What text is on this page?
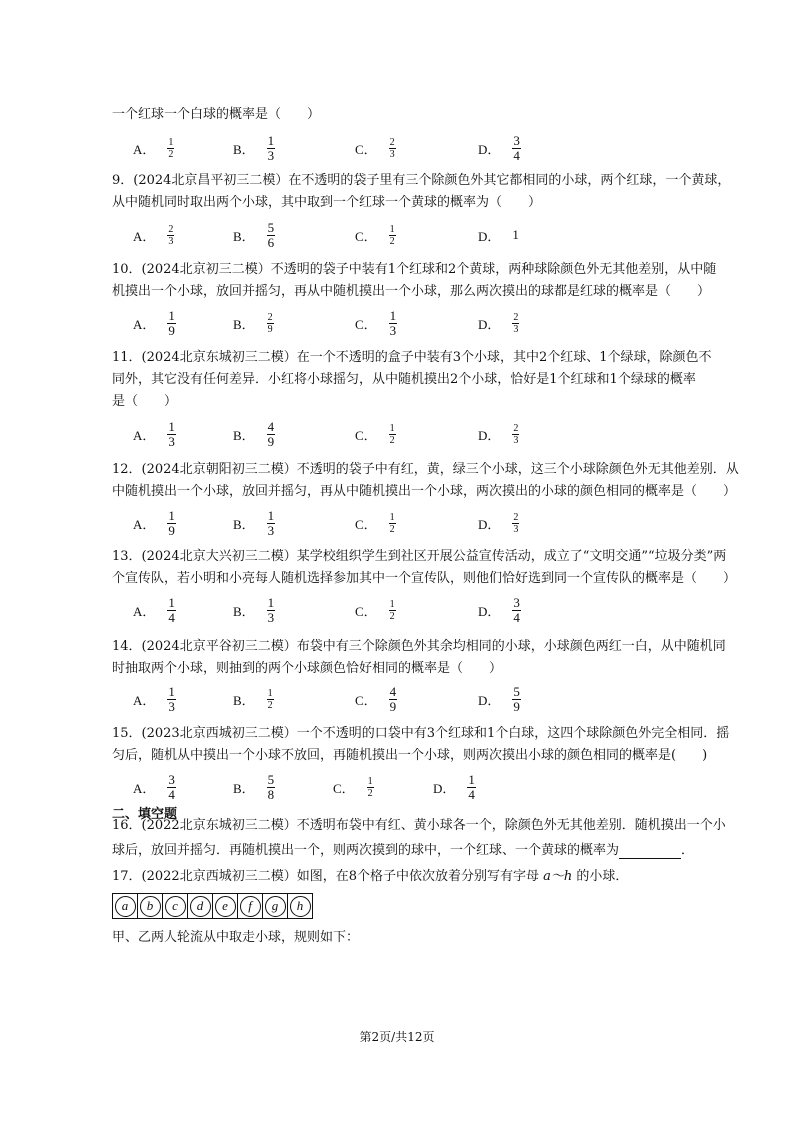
一个红球一个白球的概率是（　　）
A． $\frac{1}{2}$	B． $\frac{1}{3}$	C． $\frac{2}{3}$	D． $\frac{3}{4}$
9．(2024北京昌平初三二模）在不透明的袋子里有三个除颜色外其它都相同的小球，两个红球，一个黄球，
从中随机同时取出两个小球，其中取到一个红球一个黄球的概率为（　　）
A． $\frac{2}{3}$	B． $\frac{5}{6}$	C． $\frac{1}{2}$	D． 1
10．(2024北京初三二模）不透明的袋子中装有1个红球和2个黄球，两种球除颜色外无其他差别，从中随
机摸出一个小球，放回并摇匀，再从中随机摸出一个小球，那么两次摸出的球都是红球的概率是（　　）
A． $\frac{1}{9}$	B． $\frac{2}{9}$	C． $\frac{1}{3}$	D． $\frac{2}{3}$
11．(2024北京东城初三二模）在一个不透明的盒子中装有3个小球，其中2个红球、1个绿球，除颜色不
同外，其它没有任何差异．小红将小球摇匀，从中随机摸出2个小球，恰好是1个红球和1个绿球的概率
是（　　）
A． $\frac{1}{3}$	B． $\frac{4}{9}$	C． $\frac{1}{2}$	D． $\frac{2}{3}$
12．(2024北京朝阳初三二模）不透明的袋子中有红，黄，绿三个小球，这三个小球除颜色外无其他差别．从
中随机摸出一个小球，放回并摇匀，再从中随机摸出一个小球，两次摸出的小球的颜色相同的概率是（　　）
A． $\frac{1}{9}$	B． $\frac{1}{3}$	C． $\frac{1}{2}$	D． $\frac{2}{3}$
13．(2024北京大兴初三二模）某学校组织学生到社区开展公益宣传活动，成立了“文明交通”“垃圾分类”两
个宣传队，若小明和小亮每人随机选择参加其中一个宣传队，则他们恰好选到同一个宣传队的概率是（　　）
A． $\frac{1}{4}$	B． $\frac{1}{3}$	C． $\frac{1}{2}$	D． $\frac{3}{4}$
14．(2024北京平谷初三二模）布袋中有三个除颜色外其余均相同的小球，小球颜色两红一白，从中随机同
时抽取两个小球，则抽到的两个小球颜色恰好相同的概率是（　　）
A． $\frac{1}{3}$	B． $\frac{1}{2}$	C． $\frac{4}{9}$	D． $\frac{5}{9}$
15．(2023北京西城初三二模）一个不透明的口袋中有3个红球和1个白球，这四个球除颜色外完全相同．摇
匀后，随机从中摸出一个小球不放回，再随机摸出一个小球，则两次摸出小球的颜色相同的概率是(　　)
A． $\frac{3}{4}$	B． $\frac{5}{8}$	C． $\frac{1}{2}$	D． $\frac{1}{4}$
二、填空题
16．(2022北京东城初三二模）不透明布袋中有红、黄小球各一个，除颜色外无其他差别．随机摸出一个小
球后，放回并摇匀．再随机摸出一个，则两次摸到的球中，一个红球、一个黄球的概率为	．
17．(2022北京西城初三二模）如图，在8个格子中依次放着分别写有字母 a～h 的小球．
a	b	c	d	e	f	g	h
甲、乙两人轮流从中取走小球，规则如下：
第2页/共12页
